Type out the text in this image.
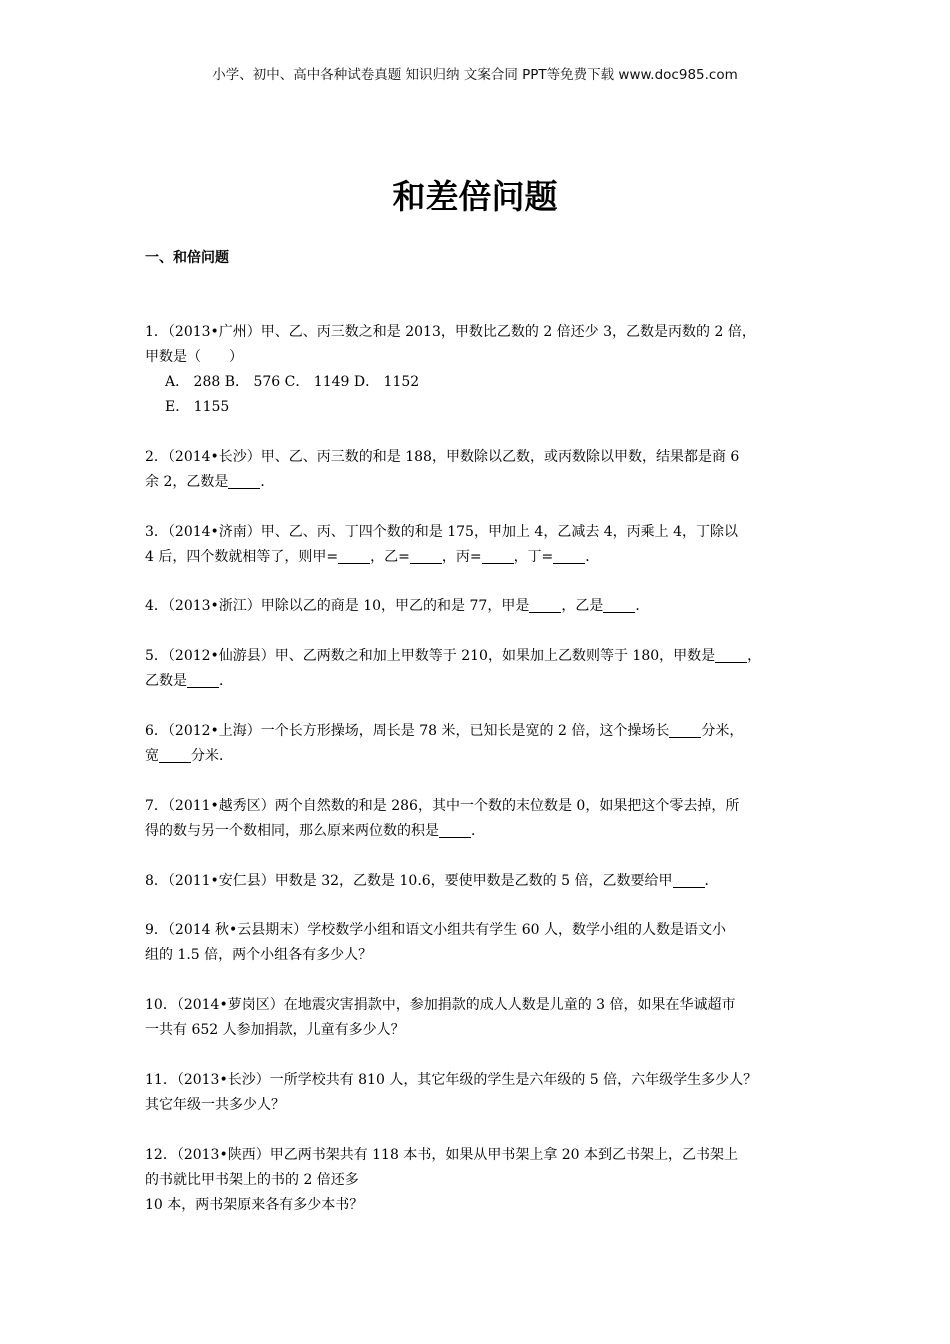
小学、初中、高中各种试卷真题 知识归纳 文案合同 PPT等免费下载 www.doc985.com
和差倍问题
一、和倍问题
1．（2013•广州）甲、乙、丙三数之和是 2013，甲数比乙数的 2 倍还少 3，乙数是丙数的 2 倍，
甲数是（　　）
A． 288 B． 576 C． 1149 D． 1152
E． 1155
2．（2014•长沙）甲、乙、丙三数的和是 188，甲数除以乙数，或丙数除以甲数，结果都是商 6
余 2，乙数是 ．
3．（2014•济南）甲、乙、丙、丁四个数的和是 175，甲加上 4，乙减去 4，丙乘上 4，丁除以
4 后，四个数就相等了，则甲= ，乙= ，丙= ，丁= ．
4．（2013•浙江）甲除以乙的商是 10，甲乙的和是 77，甲是 ，乙是 ．
5．（2012•仙游县）甲、乙两数之和加上甲数等于 210，如果加上乙数则等于 180，甲数是 ，
乙数是 ．
6．（2012•上海）一个长方形操场，周长是 78 米，已知长是宽的 2 倍，这个操场长 分米，
宽 分米．
7．（2011•越秀区）两个自然数的和是 286，其中一个数的末位数是 0，如果把这个零去掉，所
得的数与另一个数相同，那么原来两位数的积是 ．
8．（2011•安仁县）甲数是 32，乙数是 10.6，要使甲数是乙数的 5 倍，乙数要给甲 ．
9．（2014 秋•云县期末）学校数学小组和语文小组共有学生 60 人，数学小组的人数是语文小
组的 1.5 倍，两个小组各有多少人？
10．（2014•萝岗区）在地震灾害捐款中，参加捐款的成人人数是儿童的 3 倍，如果在华诚超市
一共有 652 人参加捐款，儿童有多少人？
11．（2013•长沙）一所学校共有 810 人，其它年级的学生是六年级的 5 倍，六年级学生多少人？
其它年级一共多少人？
12．（2013•陕西）甲乙两书架共有 118 本书，如果从甲书架上拿 20 本到乙书架上，乙书架上
的书就比甲书架上的书的 2 倍还多
10 本，两书架原来各有多少本书？
